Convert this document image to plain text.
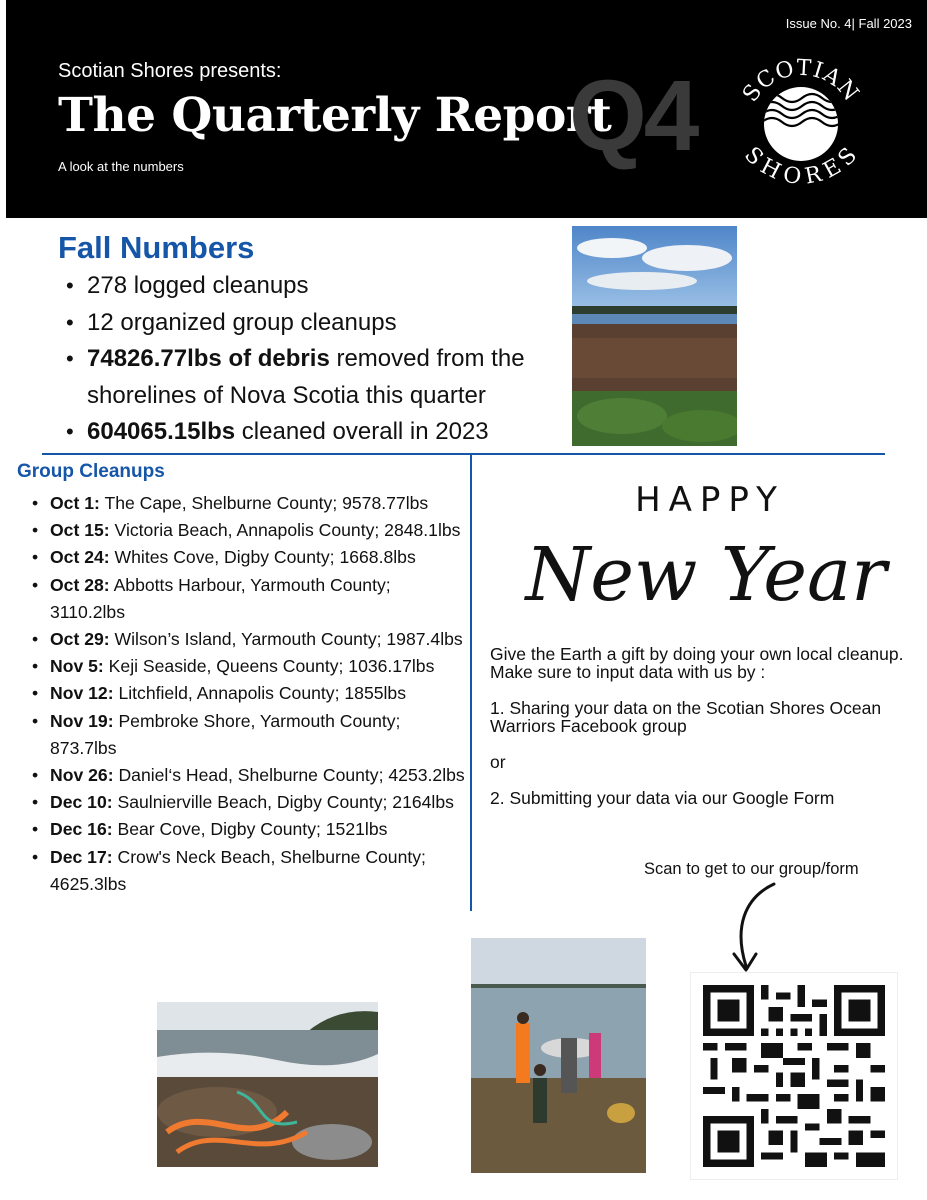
Issue No. 4| Fall 2023
Scotian Shores presents:
The Quarterly Report
A look at the numbers	Q4 SCOTIAN
SHORES
Fall Numbers
• 278 logged cleanups
• 12 organized group cleanups
• 74826.77lbs of debris removed from the shorelines of Nova Scotia this quarter
• 604065.15lbs cleaned overall in 2023
Group Cleanups
• Oct 1: The Cape, Shelburne County; 9578.77lbs
• Oct 15: Victoria Beach, Annapolis County; 2848.1lbs
• Oct 24: Whites Cove, Digby County; 1668.8lbs
• Oct 28: Abbotts Harbour, Yarmouth County; 3110.2lbs
• Oct 29: Wilson’s Island, Yarmouth County; 1987.4lbs
• Nov 5: Keji Seaside, Queens County; 1036.17lbs
• Nov 12: Litchfield, Annapolis County; 1855lbs
• Nov 19: Pembroke Shore, Yarmouth County; 873.7lbs
• Nov 26: Daniel‘s Head, Shelburne County; 4253.2lbs
• Dec 10: Saulnierville Beach, Digby County; 2164lbs
• Dec 16: Bear Cove, Digby County; 1521lbs
• Dec 17: Crow's Neck Beach, Shelburne County; 4625.3lbs
HAPPY
New Year

Give the Earth a gift by doing your own local cleanup. Make sure to input data with us by :

1. Sharing your data on the Scotian Shores Ocean Warriors Facebook group

or

2. Submitting your data via our Google Form

Scan to get to our group/form
